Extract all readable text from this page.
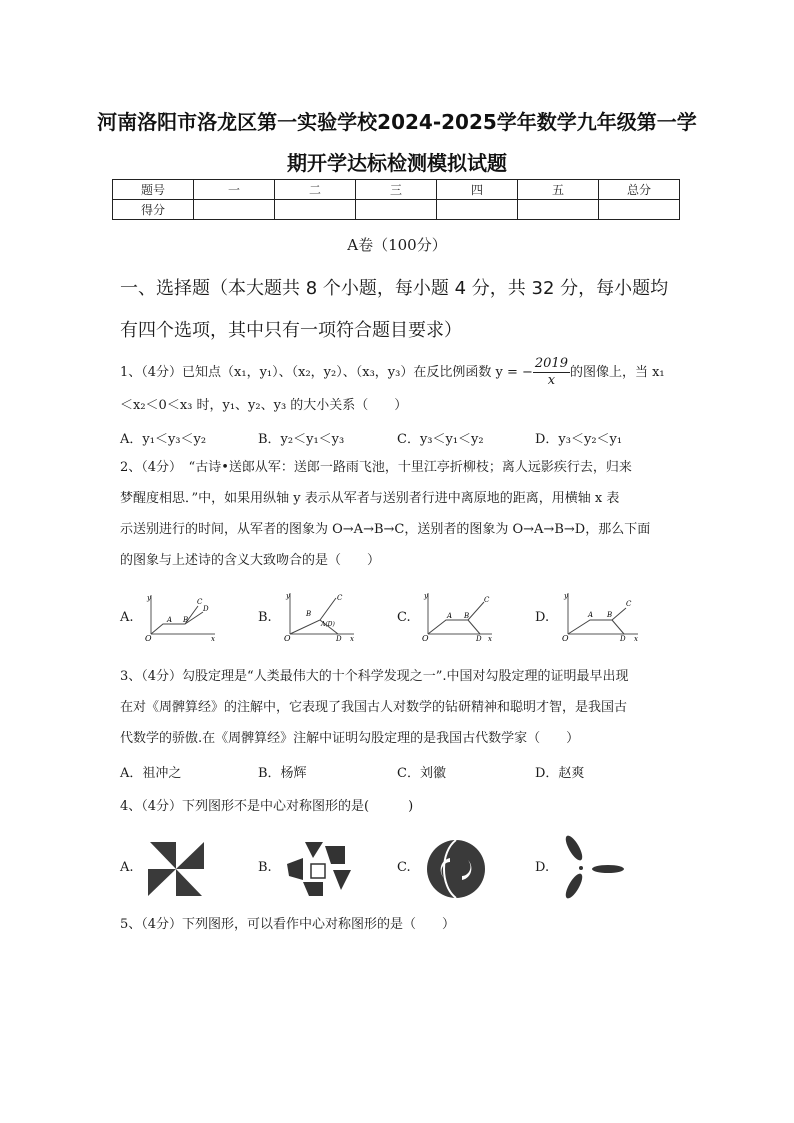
河南洛阳市洛龙区第一实验学校2024-2025学年数学九年级第一学
期开学达标检测模拟试题
题号	一	二	三	四	五	总分
得分						
A卷（100分）
一、选择题（本大题共 8 个小题，每小题 4 分，共 32 分，每小题均
有四个选项，其中只有一项符合题目要求）
1、（4分）已知点（x₁，y₁）、（x₂，y₂）、（x₃，y₃）在反比例函数 y = − $\frac{2019}{x}$ 的图像上，当 x₁
＜x₂＜0＜x₃ 时，y₁、y₂、y₃ 的大小关系（　　）
A．y₁＜y₃＜y₂	B．y₂＜y₁＜y₃	C．y₃＜y₁＜y₂	D．y₃＜y₂＜y₁
2、（4分）　“古诗•送郎从军：送郎一路雨飞池，十里江亭折柳枝；离人远影疾行去，归来
梦醒度相思．”中，如果用纵轴 y 表示从军者与送别者行进中离原地的距离，用横轴 x 表
示送别进行的时间，从军者的图象为 O→A→B→C，送别者的图象为 O→A→B→D，那么下面
的图象与上述诗的含义大致吻合的是（　　）
A.
O
y
x
A B
C
D
B.
O
y
x
A(D)
B
C
D
C.
O
y
x
A B
C
D
D.
O
y
x
A B
C
D
3、（4分）勾股定理是“人类最伟大的十个科学发现之一”.中国对勾股定理的证明最早出现
在对《周髀算经》的注解中，它表现了我国古人对数学的钻研精神和聪明才智，是我国古
代数学的骄傲.在《周髀算经》注解中证明勾股定理的是我国古代数学家（　　）
A．祖冲之	B．杨辉	C．刘徽	D．赵爽
4、（4分）下列图形不是中心对称图形的是(　　　)
A.	B.	C.	D.
5、（4分）下列图形，可以看作中心对称图形的是（　　）
